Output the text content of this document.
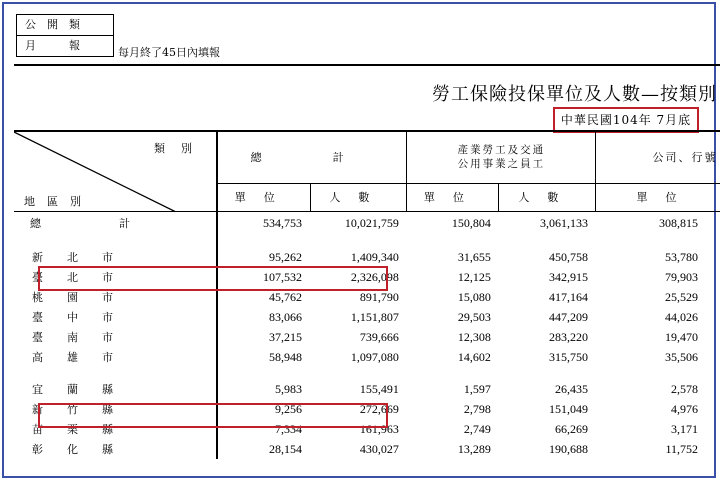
公　開　類
月　　　報
每月終了45日內填報
勞工保險投保單位及人數—按類別
中華民國104年 7月底
類別
地區別	總　計		產業勞工及交通
公用事業之員工		公司、行號
	單位	人數	單位	人數	單位
總計	534,753	10,021,759	150,804	3,061,133	308,815

新北市	95,262	1,409,340	31,655	450,758	53,780
臺北市	107,532	2,326,098	12,125	342,915	79,903
桃園市	45,762	891,790	15,080	417,164	25,529
臺中市	83,066	1,151,807	29,503	447,209	44,026
臺南市	37,215	739,666	12,308	283,220	19,470
高雄市	58,948	1,097,080	14,602	315,750	35,506

宜蘭縣	5,983	155,491	1,597	26,435	2,578
新竹縣	9,256	272,669	2,798	151,049	4,976
苗栗縣	7,334	161,963	2,749	66,269	3,171
彰化縣	28,154	430,027	13,289	190,688	11,752
